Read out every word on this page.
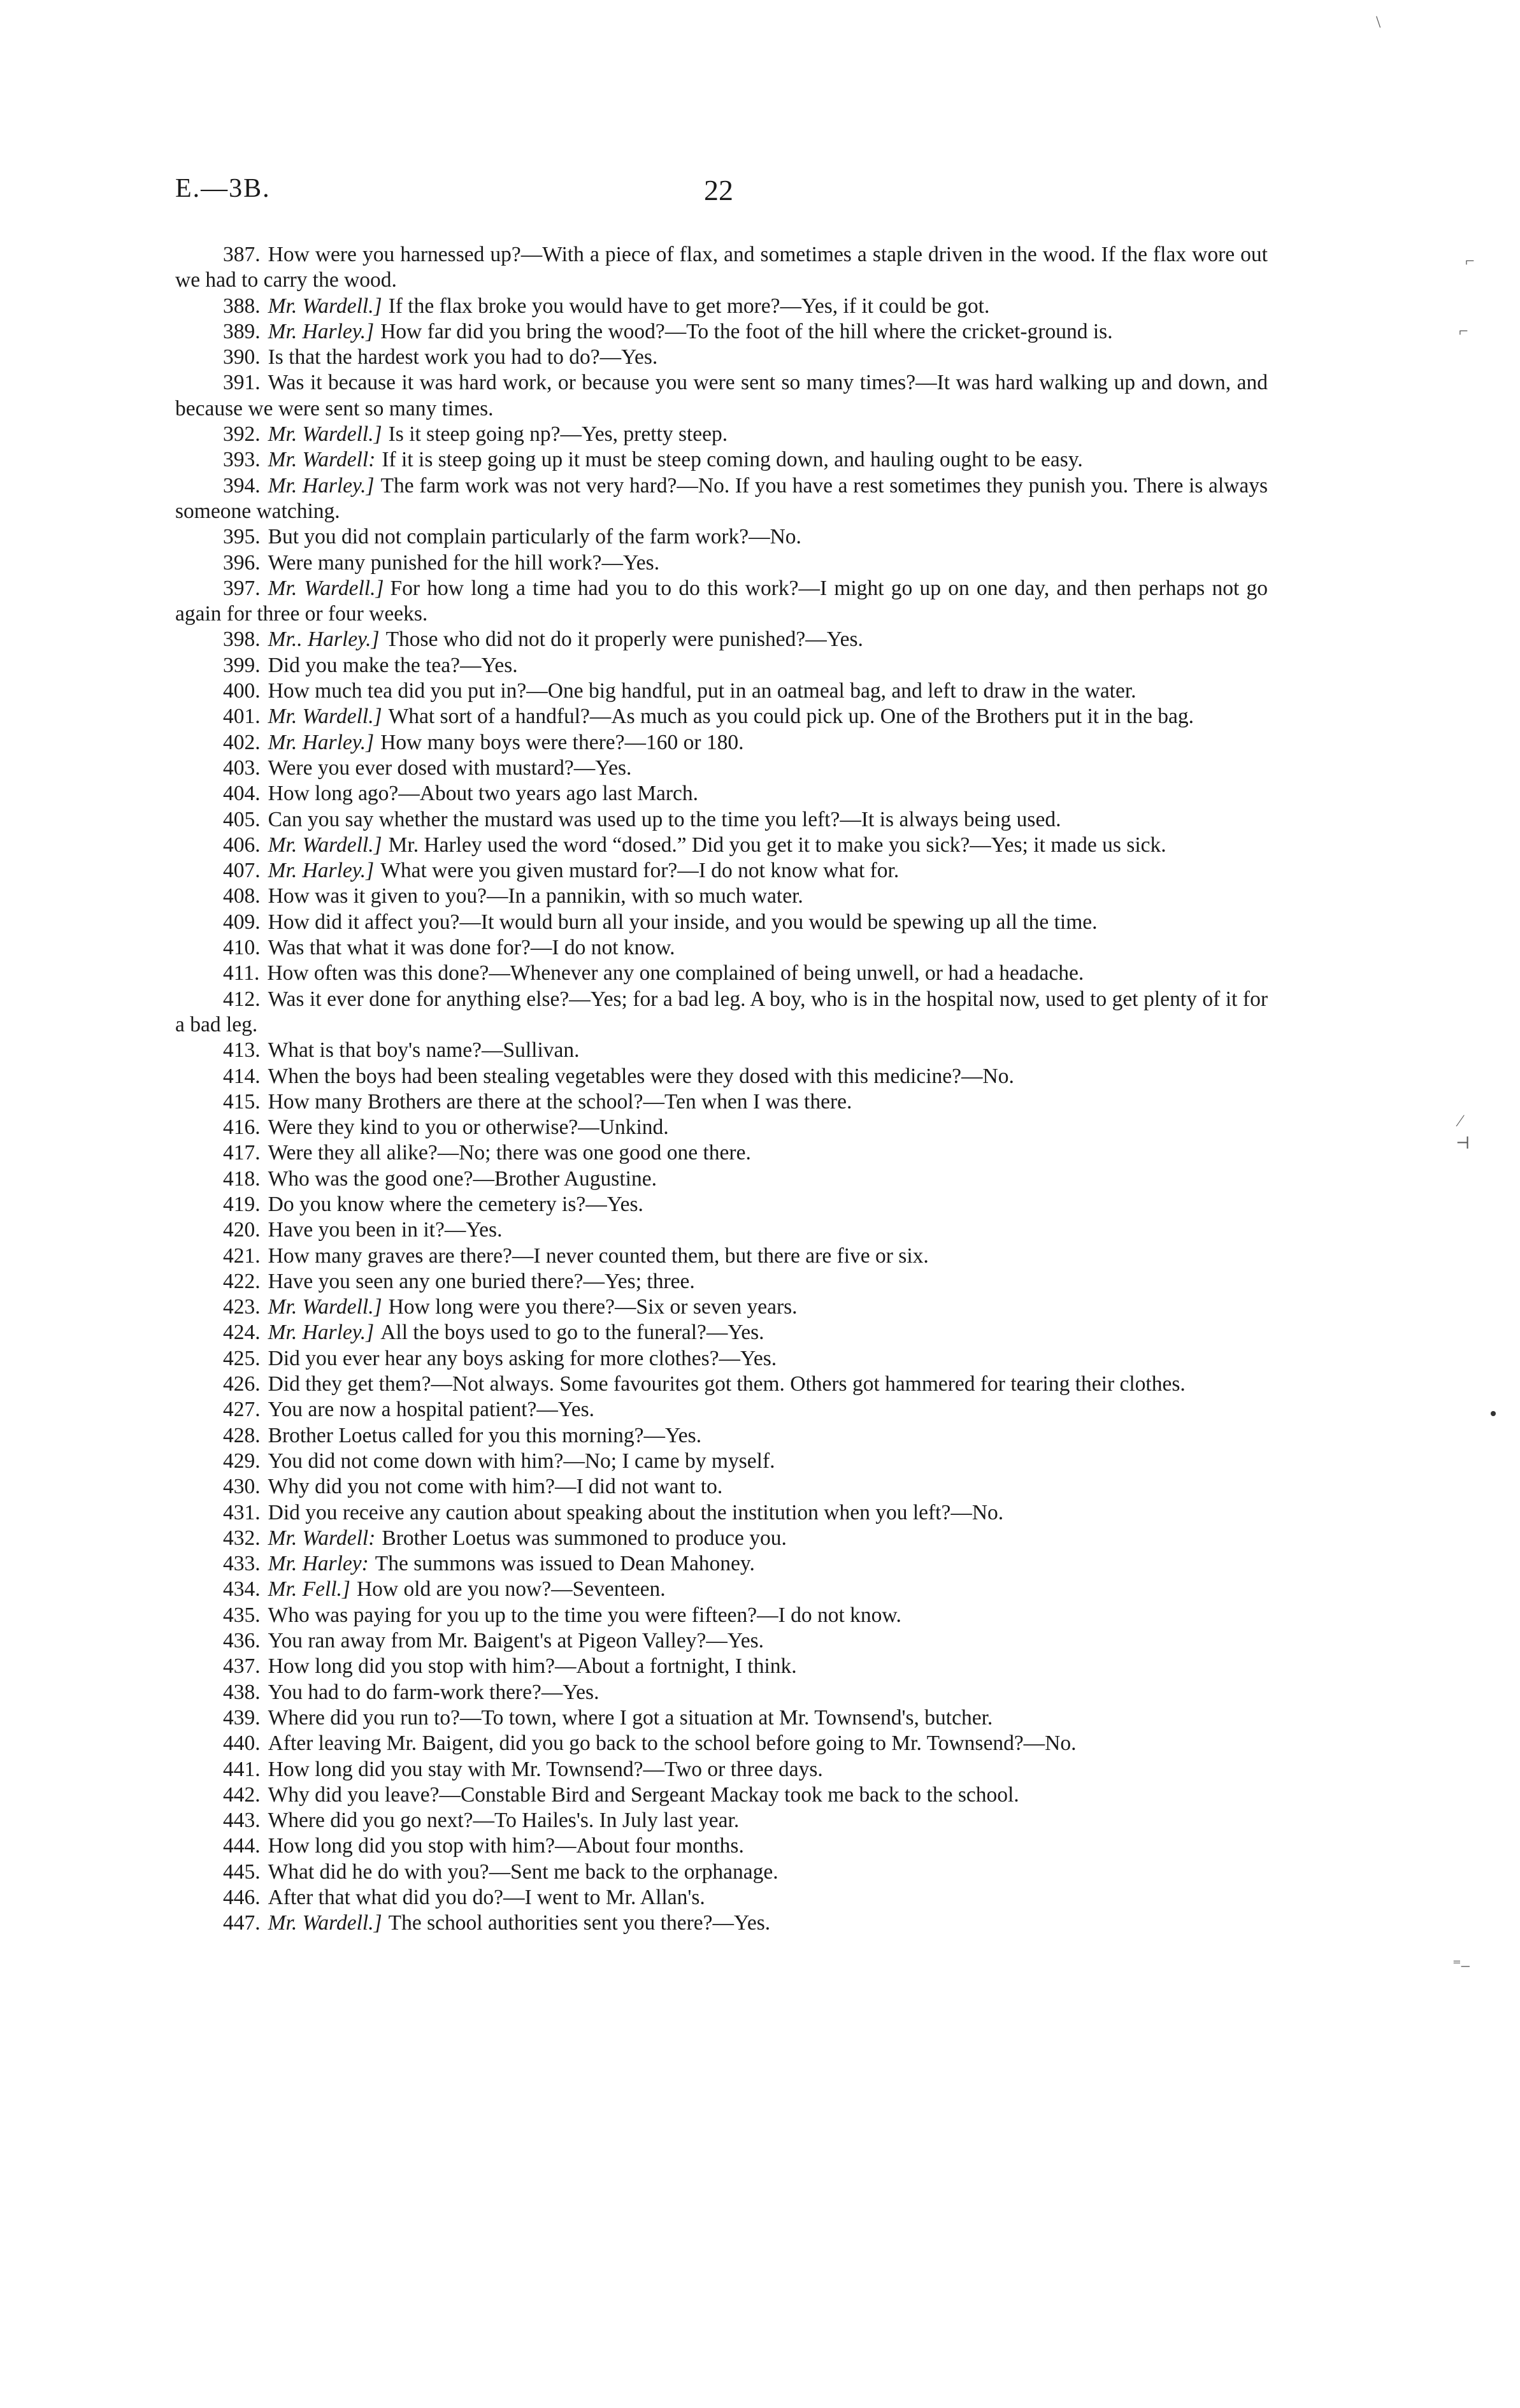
E.—3B.	22

387. How were you harnessed up?—With a piece of flax, and sometimes a staple driven in the wood. If the flax wore out we had to carry the wood.

388. Mr. Wardell.] If the flax broke you would have to get more?—Yes, if it could be got.

389. Mr. Harley.] How far did you bring the wood?—To the foot of the hill where the cricket-ground is.

390. Is that the hardest work you had to do?—Yes.

391. Was it because it was hard work, or because you were sent so many times?—It was hard walking up and down, and because we were sent so many times.

392. Mr. Wardell.] Is it steep going np?—Yes, pretty steep.

393. Mr. Wardell: If it is steep going up it must be steep coming down, and hauling ought to be easy.

394. Mr. Harley.] The farm work was not very hard?—No. If you have a rest sometimes they punish you. There is always someone watching.

395. But you did not complain particularly of the farm work?—No.

396. Were many punished for the hill work?—Yes.

397. Mr. Wardell.] For how long a time had you to do this work?—I might go up on one day, and then perhaps not go again for three or four weeks.

398. Mr.. Harley.] Those who did not do it properly were punished?—Yes.

399. Did you make the tea?—Yes.

400. How much tea did you put in?—One big handful, put in an oatmeal bag, and left to draw in the water.

401. Mr. Wardell.] What sort of a handful?—As much as you could pick up. One of the Brothers put it in the bag.

402. Mr. Harley.] How many boys were there?—160 or 180.

403. Were you ever dosed with mustard?—Yes.

404. How long ago?—About two years ago last March.

405. Can you say whether the mustard was used up to the time you left?—It is always being used.

406. Mr. Wardell.] Mr. Harley used the word “dosed.” Did you get it to make you sick?—Yes; it made us sick.

407. Mr. Harley.] What were you given mustard for?—I do not know what for.

408. How was it given to you?—In a pannikin, with so much water.

409. How did it affect you?—It would burn all your inside, and you would be spewing up all the time.

410. Was that what it was done for?—I do not know.

411. How often was this done?—Whenever any one complained of being unwell, or had a headache.

412. Was it ever done for anything else?—Yes; for a bad leg. A boy, who is in the hospital now, used to get plenty of it for a bad leg.

413. What is that boy's name?—Sullivan.

414. When the boys had been stealing vegetables were they dosed with this medicine?—No.

415. How many Brothers are there at the school?—Ten when I was there.

416. Were they kind to you or otherwise?—Unkind.

417. Were they all alike?—No; there was one good one there.

418. Who was the good one?—Brother Augustine.

419. Do you know where the cemetery is?—Yes.

420. Have you been in it?—Yes.

421. How many graves are there?—I never counted them, but there are five or six.

422. Have you seen any one buried there?—Yes; three.

423. Mr. Wardell.] How long were you there?—Six or seven years.

424. Mr. Harley.] All the boys used to go to the funeral?—Yes.

425. Did you ever hear any boys asking for more clothes?—Yes.

426. Did they get them?—Not always. Some favourites got them. Others got hammered for tearing their clothes.

427. You are now a hospital patient?—Yes.

428. Brother Loetus called for you this morning?—Yes.

429. You did not come down with him?—No; I came by myself.

430. Why did you not come with him?—I did not want to.

431. Did you receive any caution about speaking about the institution when you left?—No.

432. Mr. Wardell: Brother Loetus was summoned to produce you.

433. Mr. Harley: The summons was issued to Dean Mahoney.

434. Mr. Fell.] How old are you now?—Seventeen.

435. Who was paying for you up to the time you were fifteen?—I do not know.

436. You ran away from Mr. Baigent's at Pigeon Valley?—Yes.

437. How long did you stop with him?—About a fortnight, I think.

438. You had to do farm-work there?—Yes.

439. Where did you run to?—To town, where I got a situation at Mr. Townsend's, butcher.

440. After leaving Mr. Baigent, did you go back to the school before going to Mr. Townsend?—No.

441. How long did you stay with Mr. Townsend?—Two or three days.

442. Why did you leave?—Constable Bird and Sergeant Mackay took me back to the school.

443. Where did you go next?—To Hailes's. In July last year.

444. How long did you stop with him?—About four months.

445. What did he do with you?—Sent me back to the orphanage.

446. After that what did you do?—I went to Mr. Allan's.

447. Mr. Wardell.] The school authorities sent you there?—Yes.

\
⌐
⌐
⁄
⊣
⁼–
